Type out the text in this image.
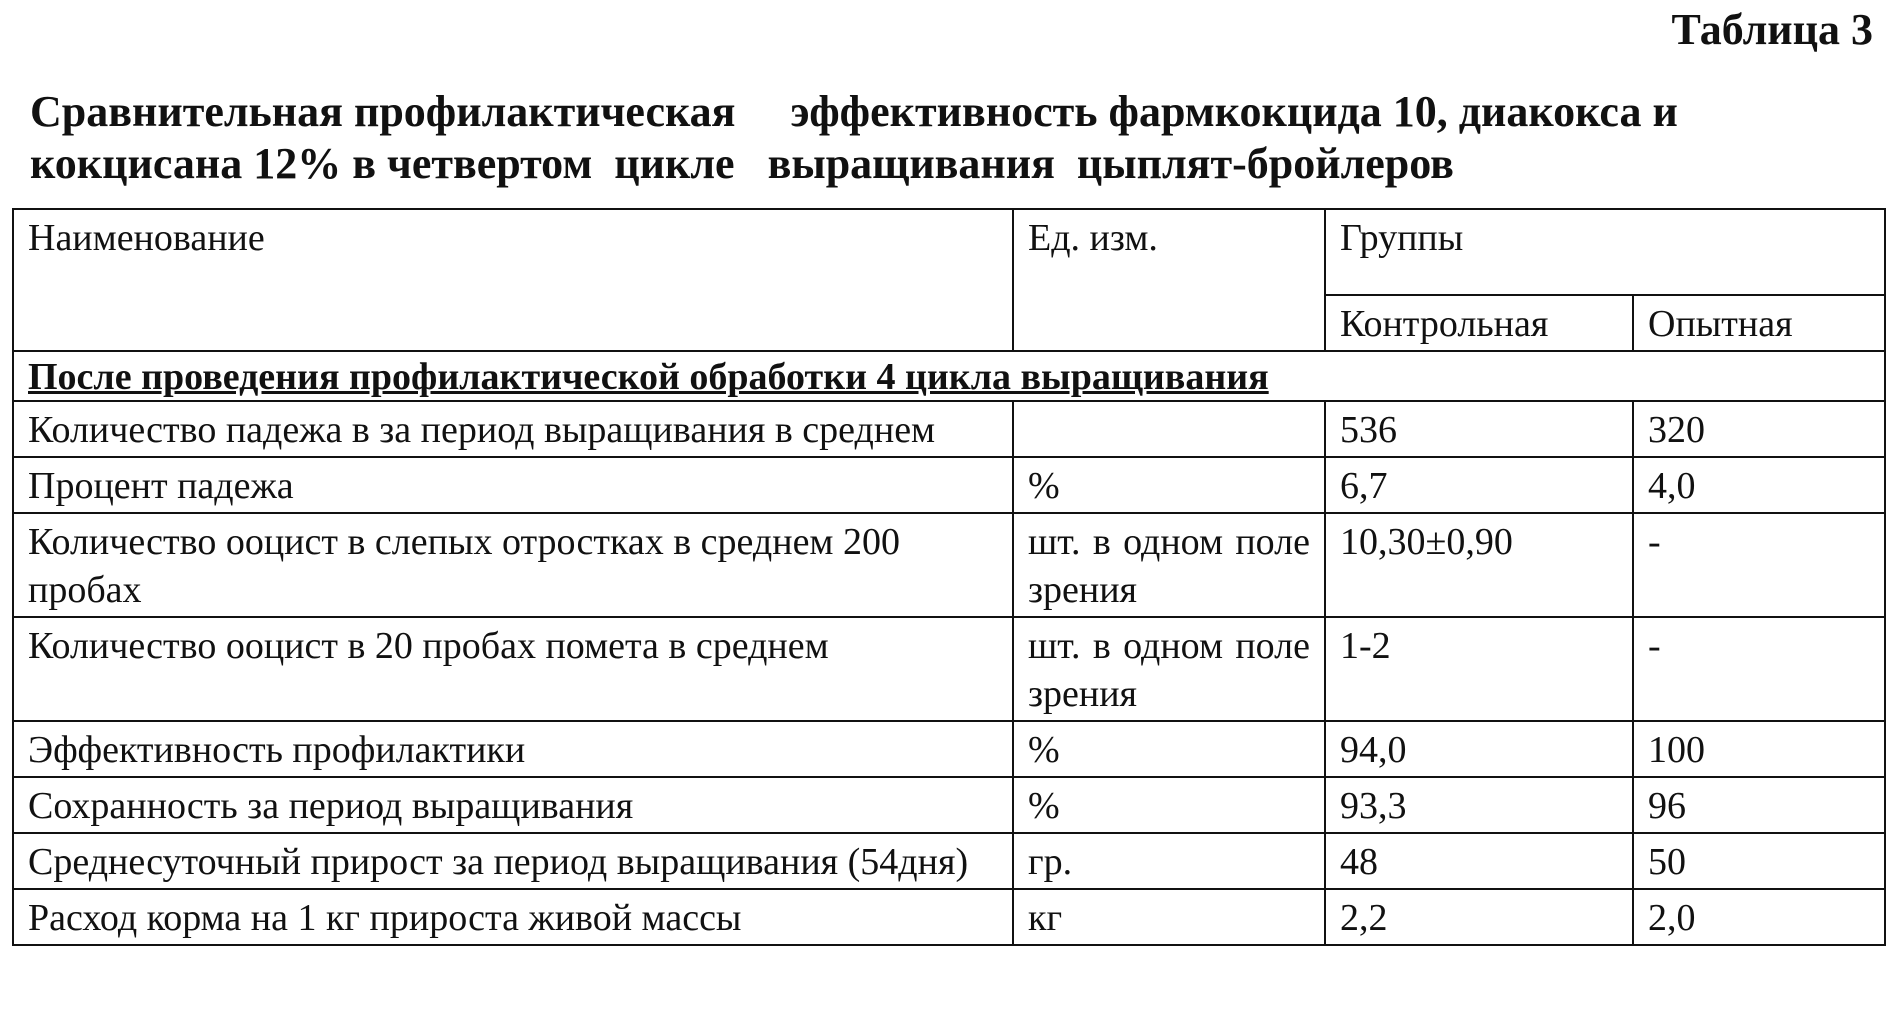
Таблица 3
Сравнительная профилактическая     эффективность фармкокцида 10, диакокса и
кокцисана 12% в четвертом  цикле   выращивания  цыплят-бройлеров
Наименование	Ед. изм.	Группы	
		Контрольная	Опытная
После проведения профилактической обработки 4 цикла выращивания			
Количество падежа в за период выращивания в среднем		536	320
Процент падежа	%	6,7	4,0
Количество ооцист в слепых отростках в среднем 200 пробах	шт. в одном поле зрения	10,30±0,90	-
Количество ооцист в 20 пробах помета в среднем	шт. в одном поле зрения	1-2	-
Эффективность профилактики	%	94,0	100
Сохранность за период выращивания	%	93,3	96
Среднесуточный прирост за период выращивания (54дня)	гр.	48	50
Расход корма на 1 кг прироста живой массы	кг	2,2	2,0
